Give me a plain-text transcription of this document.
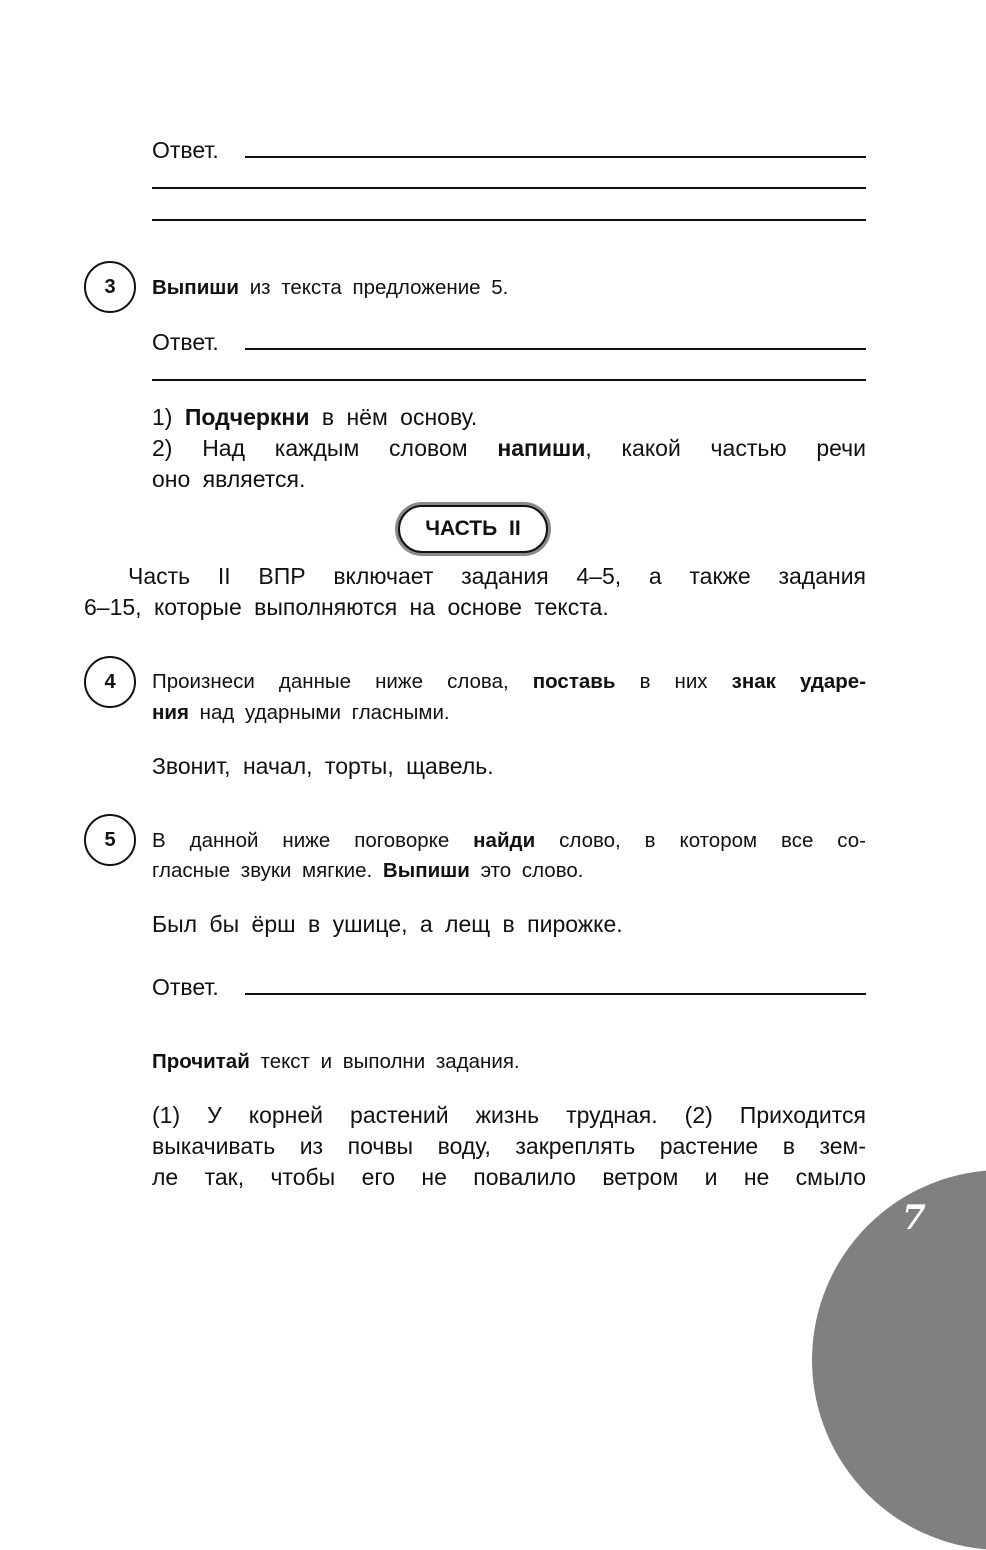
Ответ.
3	Выпиши из текста предложение 5.
Ответ.
1) Подчеркни в нём основу.
2) Над каждым словом напиши, какой частью речи
оно является.
ЧАСТЬ II
Часть II ВПР включает задания 4–5, а также задания
6–15, которые выполняются на основе текста.
4	Произнеси данные ниже слова, поставь в них знак ударе-
ния над ударными гласными.
Звонит, начал, торты, щавель.
5	В данной ниже поговорке найди слово, в котором все со-
гласные звуки мягкие. Выпиши это слово.
Был бы ёрш в ушице, а лещ в пирожке.
Ответ.
Прочитай текст и выполни задания.
(1) У корней растений жизнь трудная. (2) Приходится
выкачивать из почвы воду, закреплять растение в зем-
ле так, чтобы его не повалило ветром и не смыло
7
